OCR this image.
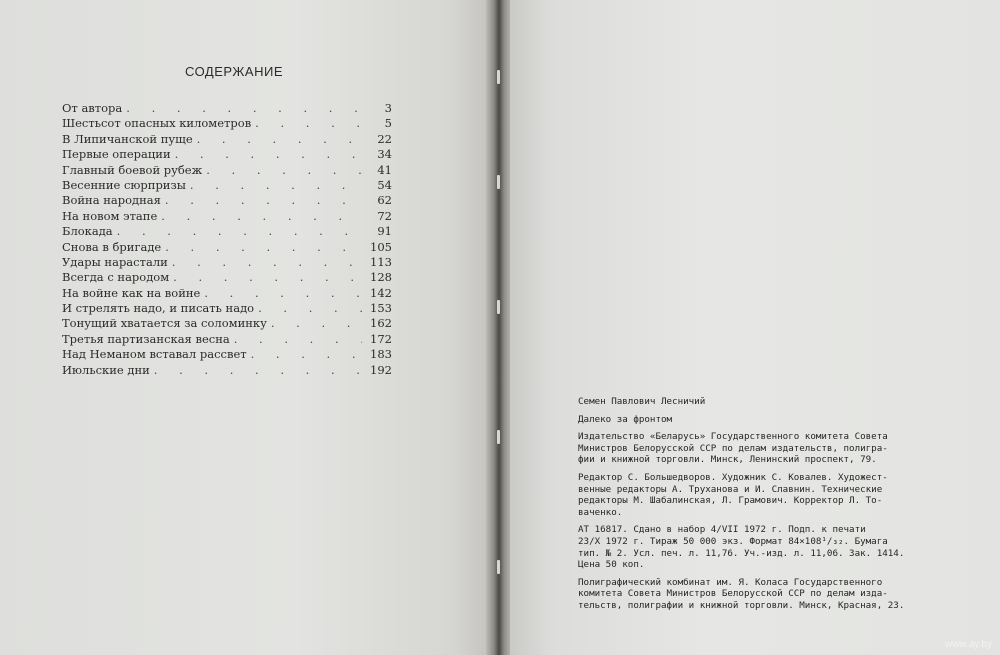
СОДЕРЖАНИЕ
От автора . . .	3
Шестьсот опасных километров . . .	5
В Липичанской пуще . . .	22
Первые операции . . .	34
Главный боевой рубеж . . .	41
Весенние сюрпризы . . .	54
Война народная . . .	62
На новом этапе . . .	72
Блокада . . .	91
Снова в бригаде . . .	105
Удары нарастали . . .	113
Всегда с народом . . .	128
На войне как на войне . . .	142
И стрелять надо, и писать надо . . .	153
Тонущий хватается за соломинку . . .	162
Третья партизанская весна . . .	172
Над Неманом вставал рассвет . . .	183
Июльские дни . . .	192

Семен Павлович Лесничий

Далеко за фронтом

Издательство «Беларусь» Государственного комитета Совета
Министров Белорусской ССР по делам издательств, полигра-
фии и книжной торговли. Минск, Ленинский проспект, 79.

Редактор С. Большедворов. Художник С. Ковалев. Художест-
венные редакторы А. Труханова и И. Славнин. Технические
редакторы М. Шабалинская, Л. Грамович. Корректор Л. То-
ваченко.

АТ 16817. Сдано в набор 4/VII 1972 г. Подп. к печати
23/X 1972 г. Тираж 50 000 экз. Формат 84×108¹/₃₂. Бумага
тип. № 2. Усл. печ. л. 11,76. Уч.-изд. л. 11,06. Зак. 1414.
Цена 50 коп.

Полиграфический комбинат им. Я. Коласа Государственного
комитета Совета Министров Белорусской ССР по делам изда-
тельств, полиграфии и книжной торговли. Минск, Красная, 23.

www.ay.by
